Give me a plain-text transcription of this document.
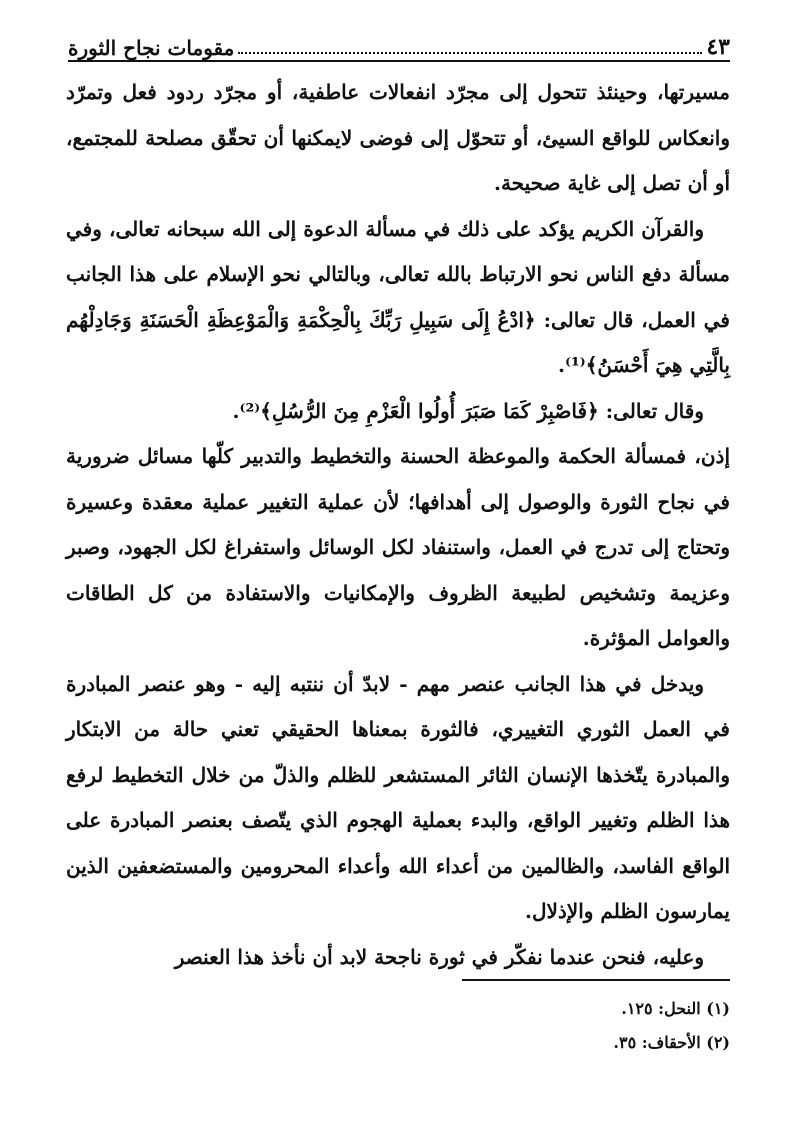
٤٣
مقومات نجاح الثورة

مسيرتها، وحينئذ تتحول إلى مجرّد انفعالات عاطفية، أو مجرّد ردود فعل وتمرّد وانعكاس للواقع السيئ، أو تتحوّل إلى فوضى لايمكنها أن تحقّق مصلحة للمجتمع، أو أن تصل إلى غاية صحيحة.

والقرآن الكريم يؤكد على ذلك في مسألة الدعوة إلى الله سبحانه تعالى، وفي مسألة دفع الناس نحو الارتباط بالله تعالى، وبالتالي نحو الإسلام على هذا الجانب في العمل، قال تعالى: ﴿ادْعُ إِلَى سَبِيلِ رَبِّكَ بِالْحِكْمَةِ وَالْمَوْعِظَةِ الْحَسَنَةِ وَجَادِلْهُم بِالَّتِي هِيَ أَحْسَنُ﴾⁽¹⁾.

وقال تعالى: ﴿فَاصْبِرْ كَمَا صَبَرَ أُولُوا الْعَزْمِ مِنَ الرُّسُلِ﴾⁽²⁾.

إذن، فمسألة الحكمة والموعظة الحسنة والتخطيط والتدبير كلّها مسائل ضرورية في نجاح الثورة والوصول إلى أهدافها؛ لأن عملية التغيير عملية معقدة وعسيرة وتحتاج إلى تدرج في العمل، واستنفاد لكل الوسائل واستفراغ لكل الجهود، وصبر وعزيمة وتشخيص لطبيعة الظروف والإمكانيات والاستفادة من كل الطاقات والعوامل المؤثرة.

ويدخل في هذا الجانب عنصر مهم - لابدّ أن ننتبه إليه - وهو عنصر المبادرة في العمل الثوري التغييري، فالثورة بمعناها الحقيقي تعني حالة من الابتكار والمبادرة يتّخذها الإنسان الثائر المستشعر للظلم والذلّ من خلال التخطيط لرفع هذا الظلم وتغيير الواقع، والبدء بعملية الهجوم الذي يتّصف بعنصر المبادرة على الواقع الفاسد، والظالمين من أعداء الله وأعداء المحرومين والمستضعفين الذين يمارسون الظلم والإذلال.

وعليه، فنحن عندما نفكّر في ثورة ناجحة لابد أن نأخذ هذا العنصر

(١) النحل: ١٢٥.
(٢) الأحقاف: ٣٥.
